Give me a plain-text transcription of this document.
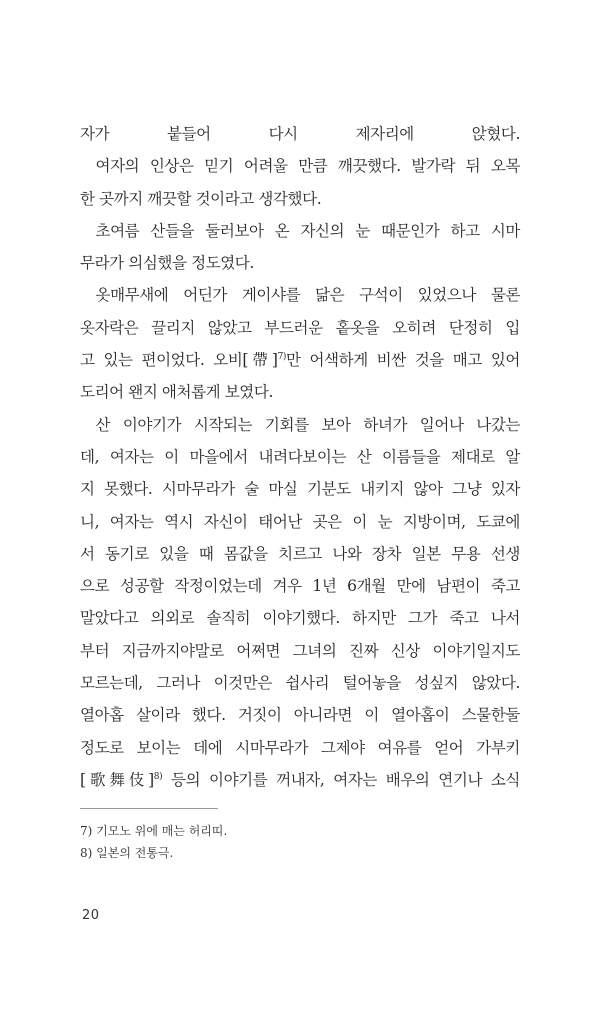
자가 붙들어 다시 제자리에 앉혔다.
여자의 인상은 믿기 어려울 만큼 깨끗했다. 발가락 뒤 오목
한 곳까지 깨끗할 것이라고 생각했다.
초여름 산들을 둘러보아 온 자신의 눈 때문인가 하고 시마
무라가 의심했을 정도였다.
옷매무새에 어딘가 게이샤를 닮은 구석이 있었으나 물론
옷자락은 끌리지 않았고 부드러운 홑옷을 오히려 단정히 입
고 있는 편이었다. 오비[帶]$^{7)}$만 어색하게 비싼 것을 매고 있어
도리어 왠지 애처롭게 보였다.
산 이야기가 시작되는 기회를 보아 하녀가 일어나 나갔는
데, 여자는 이 마을에서 내려다보이는 산 이름들을 제대로 알
지 못했다. 시마무라가 술 마실 기분도 내키지 않아 그냥 있자
니, 여자는 역시 자신이 태어난 곳은 이 눈 지방이며, 도쿄에
서 동기로 있을 때 몸값을 치르고 나와 장차 일본 무용 선생
으로 성공할 작정이었는데 겨우 1년 6개월 만에 남편이 죽고
말았다고 의외로 솔직히 이야기했다. 하지만 그가 죽고 나서
부터 지금까지야말로 어쩌면 그녀의 진짜 신상 이야기일지도
모르는데, 그러나 이것만은 쉽사리 털어놓을 성싶지 않았다.
열아홉 살이라 했다. 거짓이 아니라면 이 열아홉이 스물한둘
정도로 보이는 데에 시마무라가 그제야 여유를 얻어 가부키
[歌舞伎]$^{8)}$ 등의 이야기를 꺼내자, 여자는 배우의 연기나 소식
7) 기모노 위에 매는 허리띠.
8) 일본의 전통극.
20
